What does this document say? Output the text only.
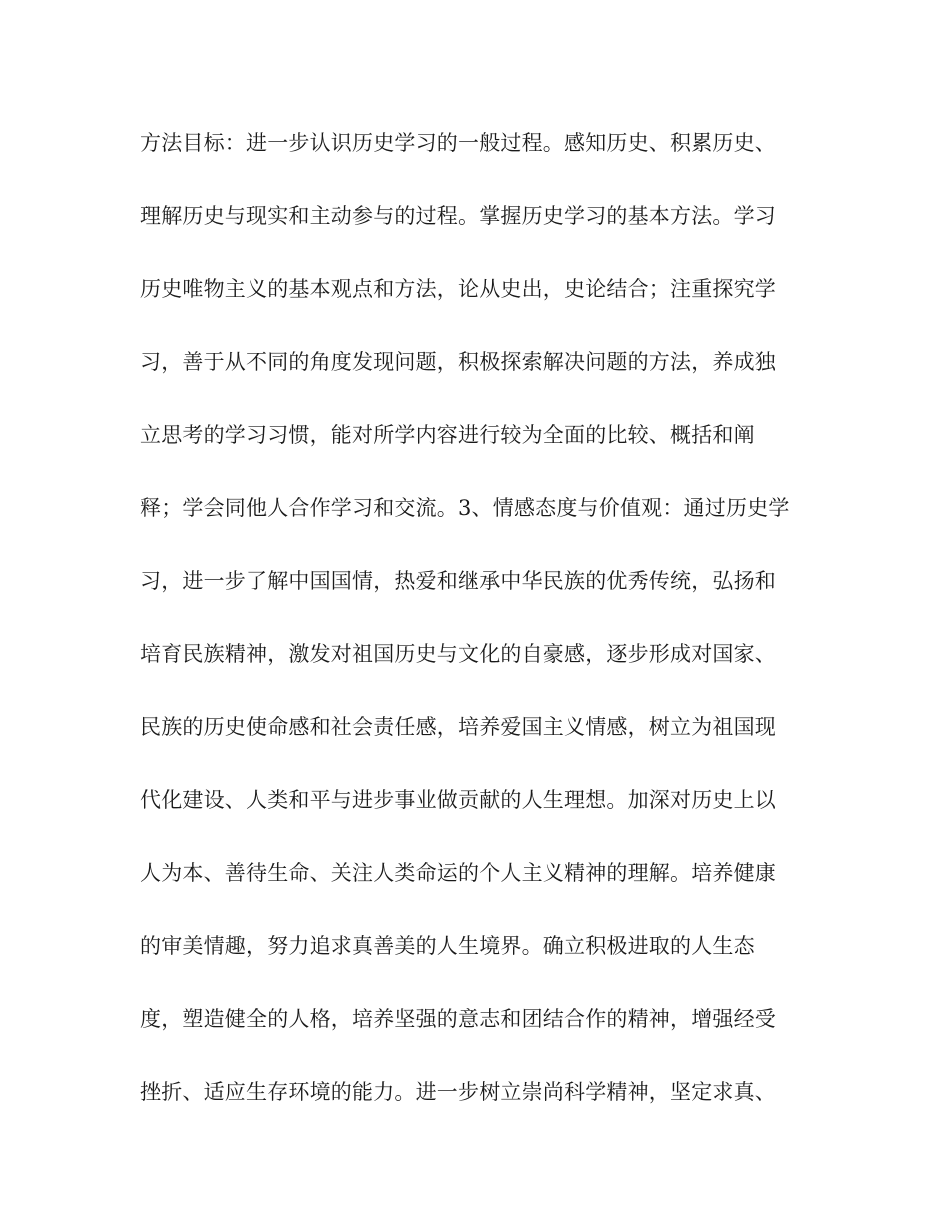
方法目标：进一步认识历史学习的一般过程。感知历史、积累历史、
理解历史与现实和主动参与的过程。掌握历史学习的基本方法。学习
历史唯物主义的基本观点和方法，论从史出，史论结合；注重探究学
习，善于从不同的角度发现问题，积极探索解决问题的方法，养成独
立思考的学习习惯，能对所学内容进行较为全面的比较、概括和阐
释；学会同他人合作学习和交流。3、情感态度与价值观：通过历史学
习，进一步了解中国国情，热爱和继承中华民族的优秀传统，弘扬和
培育民族精神，激发对祖国历史与文化的自豪感，逐步形成对国家、
民族的历史使命感和社会责任感，培养爱国主义情感，树立为祖国现
代化建设、人类和平与进步事业做贡献的人生理想。加深对历史上以
人为本、善待生命、关注人类命运的个人主义精神的理解。培养健康
的审美情趣，努力追求真善美的人生境界。确立积极进取的人生态
度，塑造健全的人格，培养坚强的意志和团结合作的精神，增强经受
挫折、适应生存环境的能力。进一步树立崇尚科学精神，坚定求真、
